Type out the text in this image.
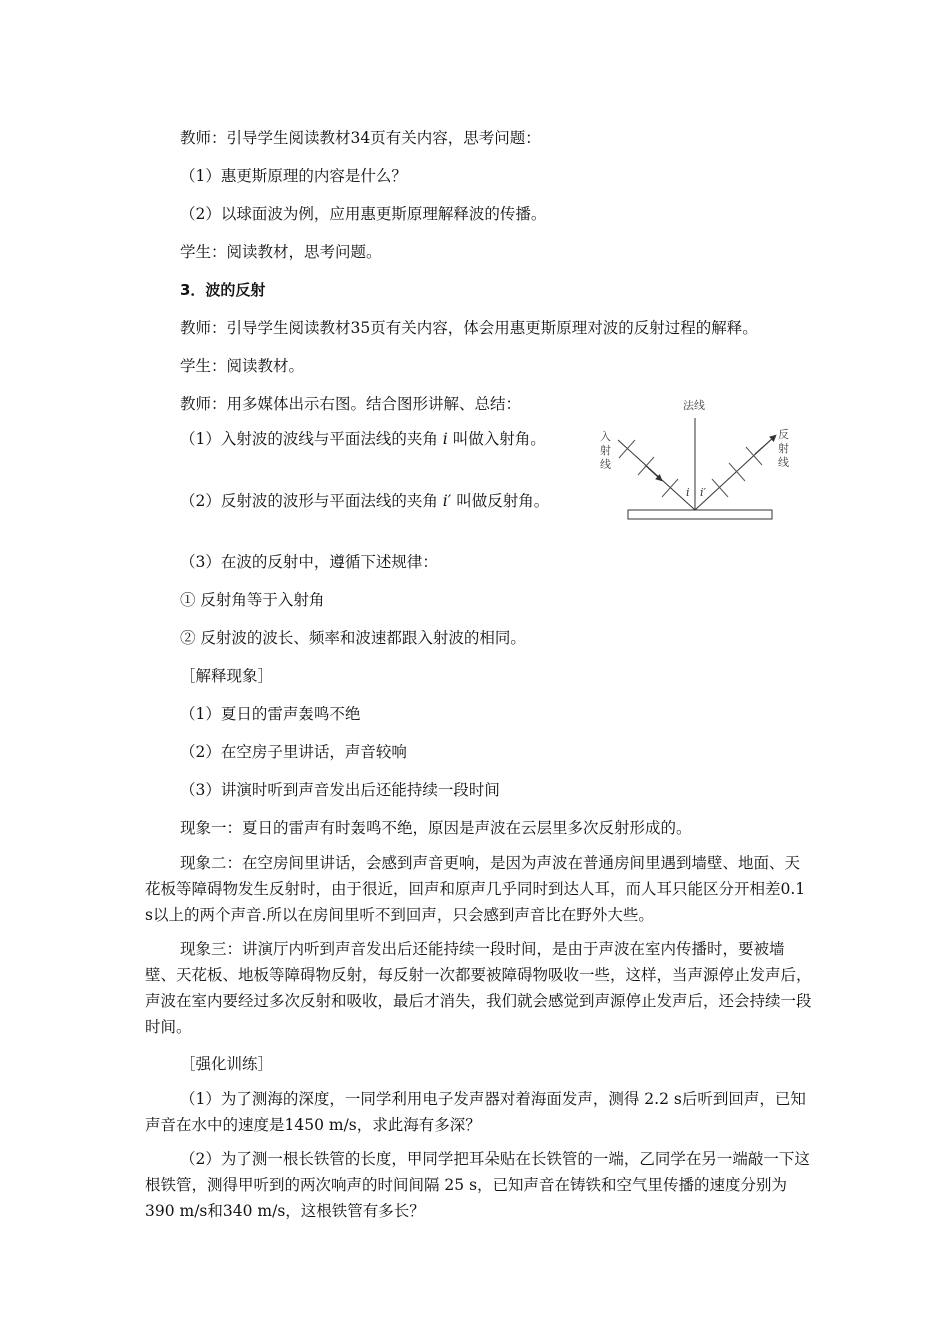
教师：引导学生阅读教材34页有关内容，思考问题：
（1）惠更斯原理的内容是什么？
（2）以球面波为例，应用惠更斯原理解释波的传播。
学生：阅读教材，思考问题。
3．波的反射
教师：引导学生阅读教材35页有关内容，体会用惠更斯原理对波的反射过程的解释。
学生：阅读教材。
教师：用多媒体出示右图。结合图形讲解、总结：

（1）入射波的波线与平面法线的夹角 i 叫做入射角。

（2）反射波的波形与平面法线的夹角 i′ 叫做反射角。

法线
入
射
线
反
射
线
i i′
（3）在波的反射中，遵循下述规律：
① 反射角等于入射角
② 反射波的波长、频率和波速都跟入射波的相同。
［解释现象］
（1）夏日的雷声轰鸣不绝
（2）在空房子里讲话，声音较响
（3）讲演时听到声音发出后还能持续一段时间
现象一：夏日的雷声有时轰鸣不绝，原因是声波在云层里多次反射形成的。

现象二：在空房间里讲话，会感到声音更响，是因为声波在普通房间里遇到墙壁、地面、天花板等障碍物发生反射时，由于很近，回声和原声几乎同时到达人耳，而人耳只能区分开相差0.1 s以上的两个声音.所以在房间里听不到回声，只会感到声音比在野外大些。

现象三：讲演厅内听到声音发出后还能持续一段时间，是由于声波在室内传播时，要被墙壁、天花板、地板等障碍物反射，每反射一次都要被障碍物吸收一些，这样，当声源停止发声后，声波在室内要经过多次反射和吸收，最后才消失，我们就会感觉到声源停止发声后，还会持续一段时间。

［强化训练］

（1）为了测海的深度，一同学利用电子发声器对着海面发声，测得 2.2 s后听到回声，已知声音在水中的速度是1450 m/s，求此海有多深？

（2）为了测一根长铁管的长度，甲同学把耳朵贴在长铁管的一端，乙同学在另一端敲一下这根铁管，测得甲听到的两次响声的时间间隔 25 s，已知声音在铸铁和空气里传播的速度分别为390 m/s和340 m/s，这根铁管有多长？
